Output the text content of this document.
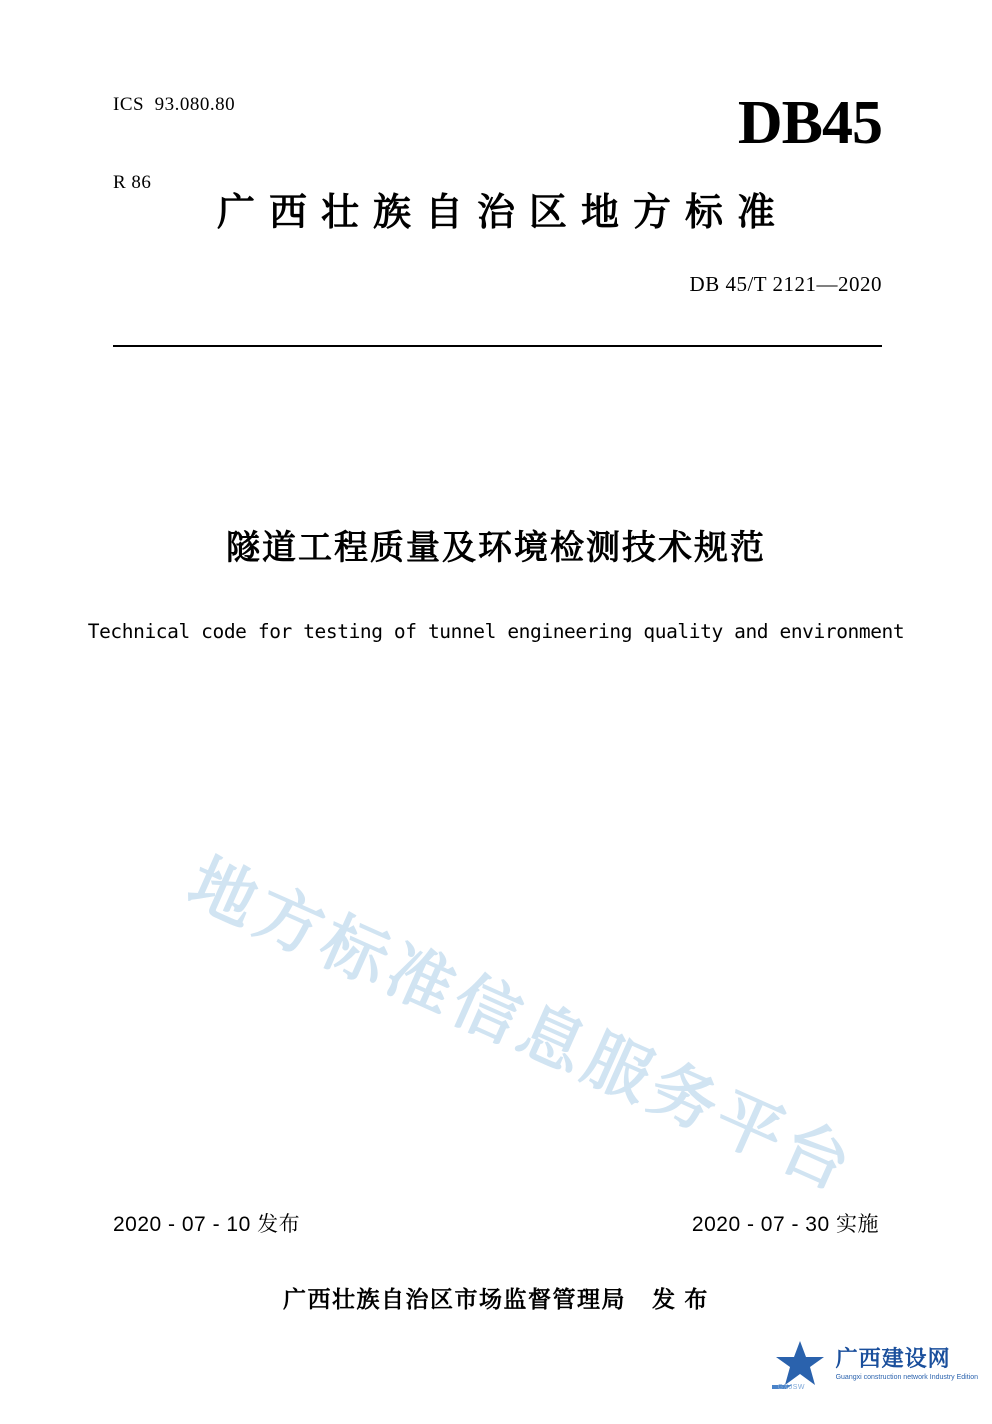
ICS  93.080.80

R 86

DB45
广西壮族自治区地方标准
DB 45/T 2121—2020
隧道工程质量及环境检测技术规范
Technical code for testing of tunnel engineering quality and environment
地方标准信息服务平台
2020 - 07 - 10 发布	2020 - 07 - 30 实施
广西壮族自治区市场监督管理局 发 布
GXJSW
广西建设网
Guangxi construction network Industry Edition
